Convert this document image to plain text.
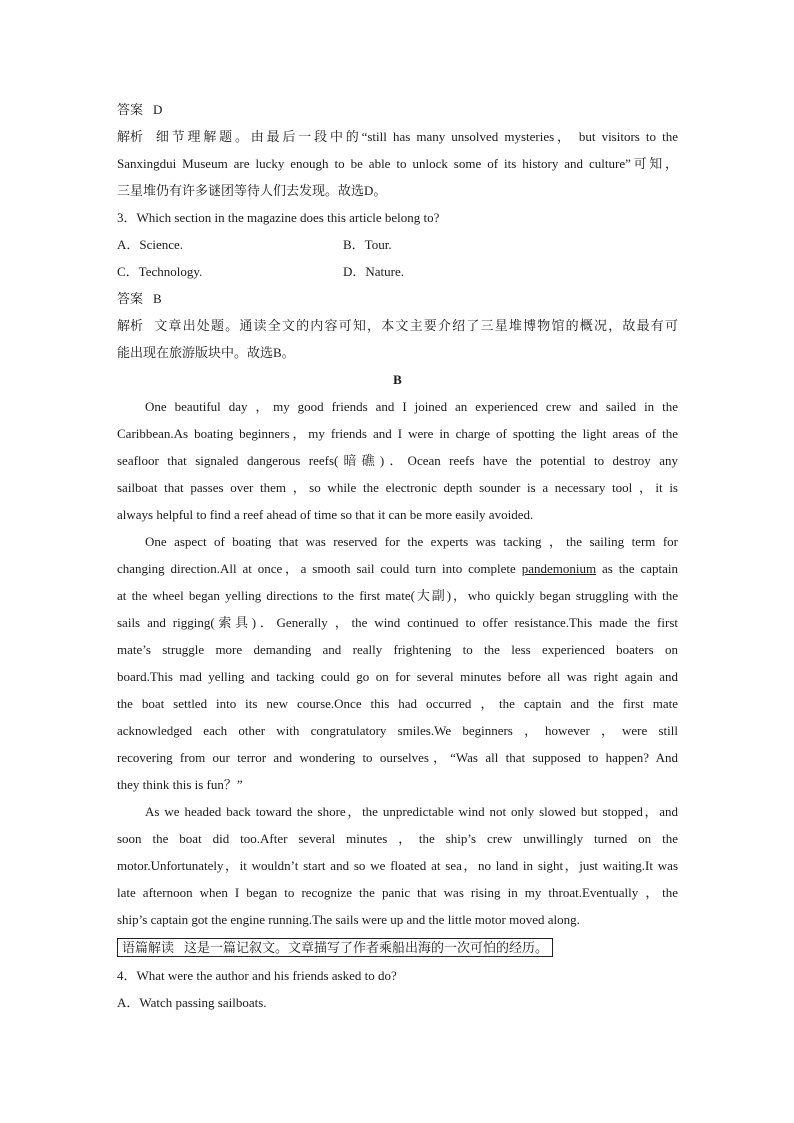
答案 D

解析 细节理解题。由最后一段中的“still has many unsolved mysteries， but visitors to the

Sanxingdui Museum are lucky enough to be able to unlock some of its history and culture”可知，

三星堆仍有许多谜团等待人们去发现。故选D。

3．Which section in the magazine does this article belong to?

A．Science.	B．Tour.

C．Technology.	D．Nature.

答案 B

解析 文章出处题。通读全文的内容可知，本文主要介绍了三星堆博物馆的概况，故最有可

能出现在旅游版块中。故选B。

B

One beautiful day ，my good friends and I joined an experienced crew and sailed in the

Caribbean.As boating beginners，my friends and I were in charge of spotting the light areas of the

seafloor that signaled dangerous reefs(暗礁)．Ocean reefs have the potential to destroy any

sailboat that passes over them ，so while the electronic depth sounder is a necessary tool ，it is

always helpful to find a reef ahead of time so that it can be more easily avoided.

One aspect of boating that was reserved for the experts was tacking ，the sailing term for

changing direction.All at once，a smooth sail could turn into complete pandemonium as the captain

at the wheel began yelling directions to the first mate(大副)，who quickly began struggling with the

sails and rigging(索具)．Generally ，the wind continued to offer resistance.This made the first

mate’s struggle more demanding and really frightening to the less experienced boaters on

board.This mad yelling and tacking could go on for several minutes before all was right again and

the boat settled into its new course.Once this had occurred ，the captain and the first mate

acknowledged each other with congratulatory smiles.We beginners ，however ，were still

recovering from our terror and wondering to ourselves，“Was all that supposed to happen? And

they think this is fun？”

As we headed back toward the shore，the unpredictable wind not only slowed but stopped，and

soon the boat did too.After several minutes ，the ship’s crew unwillingly turned on the

motor.Unfortunately，it wouldn’t start and so we floated at sea，no land in sight，just waiting.It was

late afternoon when I began to recognize the panic that was rising in my throat.Eventually ，the

ship’s captain got the engine running.The sails were up and the little motor moved along.

语篇解读 这是一篇记叙文。文章描写了作者乘船出海的一次可怕的经历。

4．What were the author and his friends asked to do?

A．Watch passing sailboats.
